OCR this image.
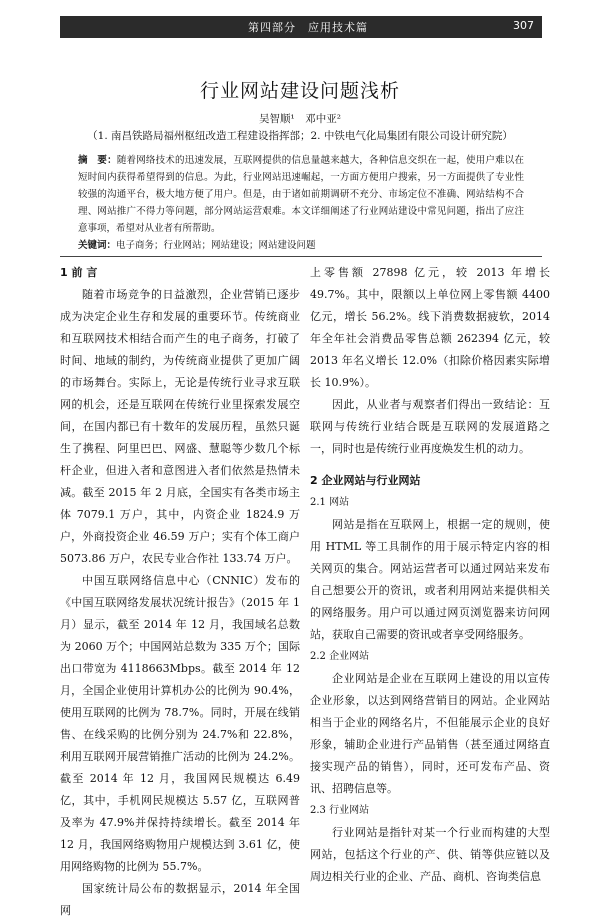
第四部分　应用技术篇	307
行业网站建设问题浅析
吴智顺¹　邓中亚²
（1. 南昌铁路局福州枢纽改造工程建设指挥部；2. 中铁电气化局集团有限公司设计研究院）
摘　要：随着网络技术的迅速发展，互联网提供的信息量越来越大，各种信息交织在一起，使用户难以在短时间内获得希望得到的信息。为此，行业网站迅速崛起，一方面方便用户搜索，另一方面提供了专业性较强的沟通平台，极大地方便了用户。但是，由于诸如前期调研不充分、市场定位不准确、网站结构不合理、网站推广不得力等问题，部分网站运营艰难。本文详细阐述了行业网站建设中常见问题，指出了应注意事项，希望对从业者有所帮助。
关键词：电子商务；行业网站；网站建设；网站建设问题
1 前 言

随着市场竞争的日益激烈，企业营销已逐步成为决定企业生存和发展的重要环节。传统商业和互联网技术相结合而产生的电子商务，打破了时间、地域的制约，为传统商业提供了更加广阔的市场舞台。实际上，无论是传统行业寻求互联网的机会，还是互联网在传统行业里探索发展空间，在国内都已有十数年的发展历程，虽然只诞生了携程、阿里巴巴、网盛、慧聪等少数几个标杆企业，但进入者和意图进入者们依然是热情未减。截至 2015 年 2 月底，全国实有各类市场主体 7079.1 万户，其中，内资企业 1824.9 万户，外商投资企业 46.59 万户；实有个体工商户 5073.86 万户，农民专业合作社 133.74 万户。

中国互联网络信息中心（CNNIC）发布的《中国互联网络发展状况统计报告》（2015 年 1 月）显示，截至 2014 年 12 月，我国域名总数为 2060 万个；中国网站总数为 335 万个；国际出口带宽为 4118663Mbps。截至 2014 年 12 月，全国企业使用计算机办公的比例为 90.4%，使用互联网的比例为 78.7%。同时，开展在线销售、在线采购的比例分别为 24.7%和 22.8%，利用互联网开展营销推广活动的比例为 24.2%。截至 2014 年 12 月，我国网民规模达 6.49 亿，其中，手机网民规模达 5.57 亿，互联网普及率为 47.9%并保持持续增长。截至 2014 年 12 月，我国网络购物用户规模达到 3.61 亿，使用网络购物的比例为 55.7%。

国家统计局公布的数据显示，2014 年全国网

上零售额 27898 亿元，较 2013 年增长 49.7%。其中，限额以上单位网上零售额 4400 亿元，增长 56.2%。线下消费数据疲软，2014 年全年社会消费品零售总额 262394 亿元，较 2013 年名义增长 12.0%（扣除价格因素实际增长 10.9%）。

因此，从业者与观察者们得出一致结论：互联网与传统行业结合既是互联网的发展道路之一，同时也是传统行业再度焕发生机的动力。

2 企业网站与行业网站
2.1 网站

网站是指在互联网上，根据一定的规则，使用 HTML 等工具制作的用于展示特定内容的相关网页的集合。网站运营者可以通过网站来发布自己想要公开的资讯，或者利用网站来提供相关的网络服务。用户可以通过网页浏览器来访问网站，获取自己需要的资讯或者享受网络服务。

2.2 企业网站

企业网站是企业在互联网上建设的用以宣传企业形象，以达到网络营销目的网站。企业网站相当于企业的网络名片，不但能展示企业的良好形象，辅助企业进行产品销售（甚至通过网络直接实现产品的销售），同时，还可发布产品、资讯、招聘信息等。

2.3 行业网站

行业网站是指针对某一个行业而构建的大型网站，包括这个行业的产、供、销等供应链以及周边相关行业的企业、产品、商机、咨询类信息
